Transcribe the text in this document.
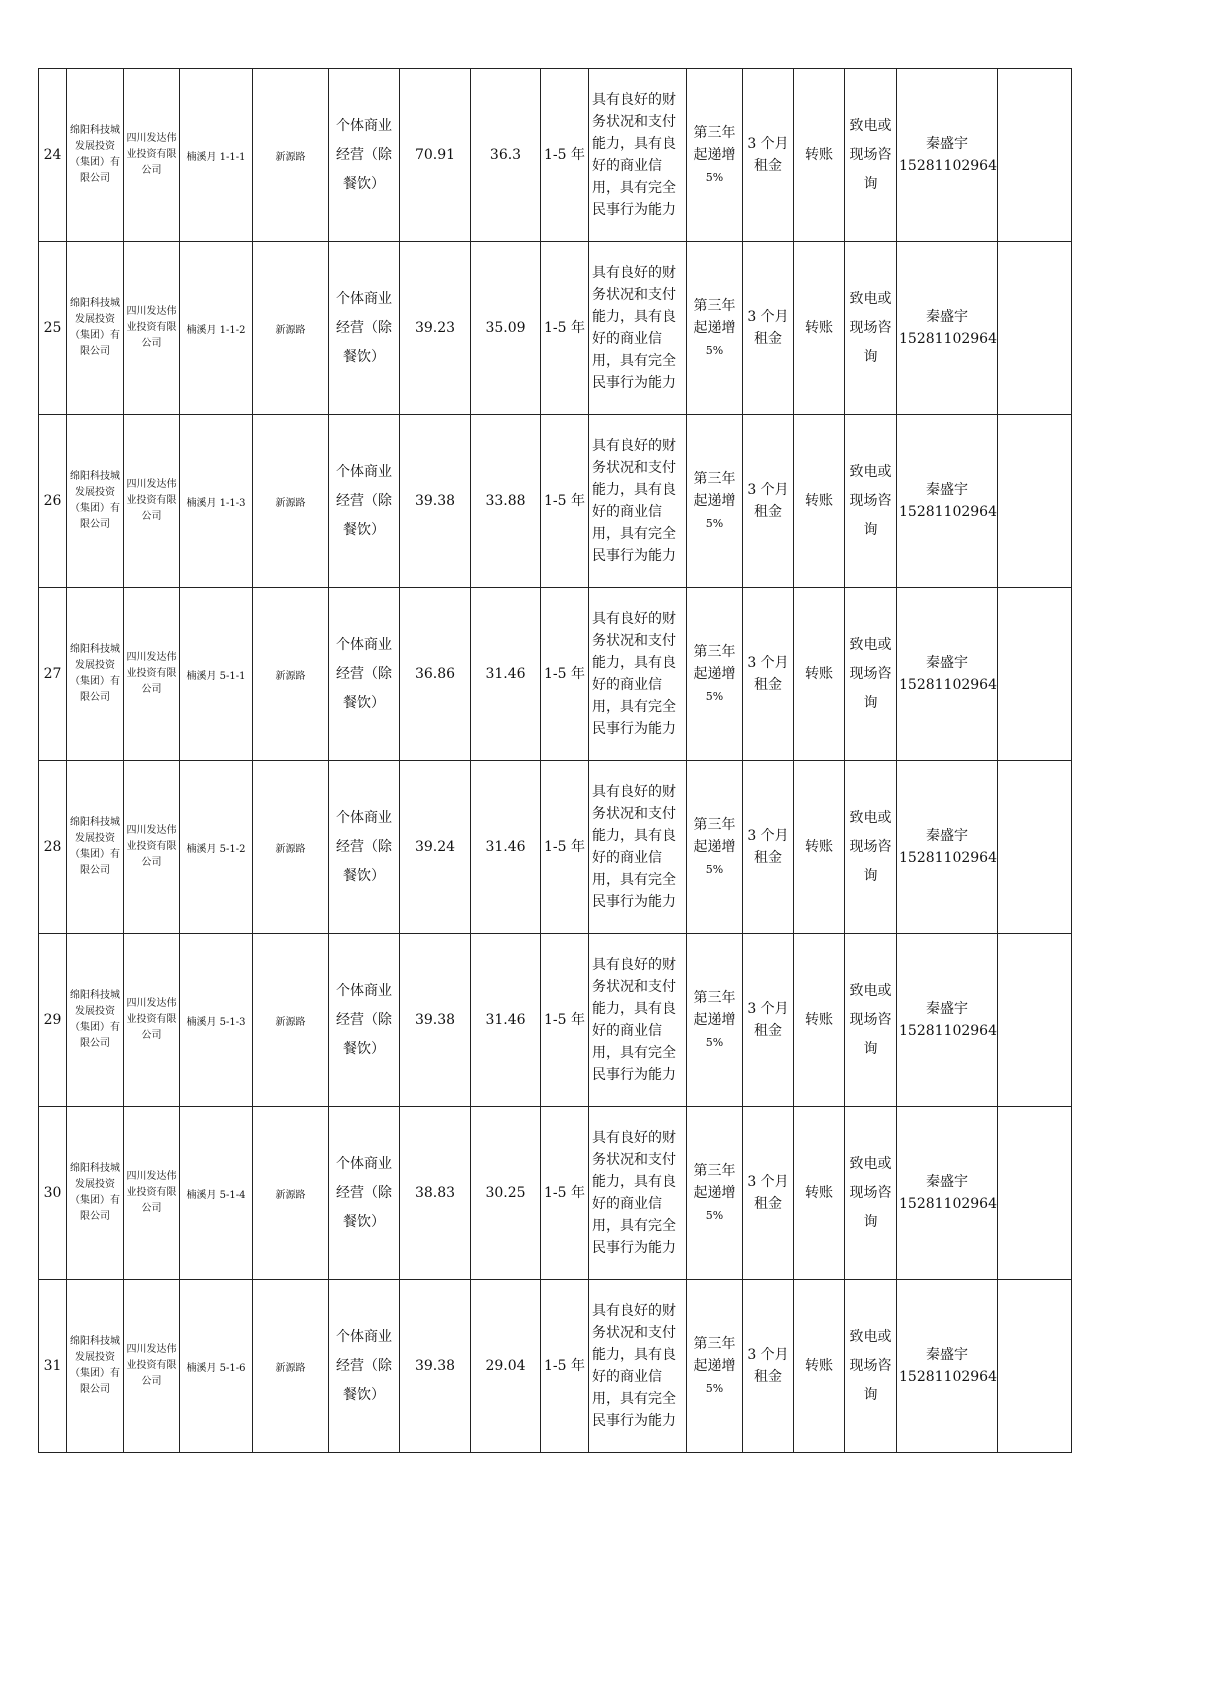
24	绵阳科技城
发展投资
（集团）有
限公司	四川发达伟
业投资有限
公司	楠溪月 1-1-1	新源路	个体商业
经营（除
餐饮）	70.91	36.3	1-5 年	具有良好的财务状况和支付能力，具有良好的商业信用，具有完全民事行为能力	第三年
起递增
5%	3 个月
租金	转账	致电或
现场咨
询	秦盛宇
15281102964	
25	绵阳科技城
发展投资
（集团）有
限公司	四川发达伟
业投资有限
公司	楠溪月 1-1-2	新源路	个体商业
经营（除
餐饮）	39.23	35.09	1-5 年	具有良好的财务状况和支付能力，具有良好的商业信用，具有完全民事行为能力	第三年
起递增
5%	3 个月
租金	转账	致电或
现场咨
询	秦盛宇
15281102964	
26	绵阳科技城
发展投资
（集团）有
限公司	四川发达伟
业投资有限
公司	楠溪月 1-1-3	新源路	个体商业
经营（除
餐饮）	39.38	33.88	1-5 年	具有良好的财务状况和支付能力，具有良好的商业信用，具有完全民事行为能力	第三年
起递增
5%	3 个月
租金	转账	致电或
现场咨
询	秦盛宇
15281102964	
27	绵阳科技城
发展投资
（集团）有
限公司	四川发达伟
业投资有限
公司	楠溪月 5-1-1	新源路	个体商业
经营（除
餐饮）	36.86	31.46	1-5 年	具有良好的财务状况和支付能力，具有良好的商业信用，具有完全民事行为能力	第三年
起递增
5%	3 个月
租金	转账	致电或
现场咨
询	秦盛宇
15281102964	
28	绵阳科技城
发展投资
（集团）有
限公司	四川发达伟
业投资有限
公司	楠溪月 5-1-2	新源路	个体商业
经营（除
餐饮）	39.24	31.46	1-5 年	具有良好的财务状况和支付能力，具有良好的商业信用，具有完全民事行为能力	第三年
起递增
5%	3 个月
租金	转账	致电或
现场咨
询	秦盛宇
15281102964	
29	绵阳科技城
发展投资
（集团）有
限公司	四川发达伟
业投资有限
公司	楠溪月 5-1-3	新源路	个体商业
经营（除
餐饮）	39.38	31.46	1-5 年	具有良好的财务状况和支付能力，具有良好的商业信用，具有完全民事行为能力	第三年
起递增
5%	3 个月
租金	转账	致电或
现场咨
询	秦盛宇
15281102964	
30	绵阳科技城
发展投资
（集团）有
限公司	四川发达伟
业投资有限
公司	楠溪月 5-1-4	新源路	个体商业
经营（除
餐饮）	38.83	30.25	1-5 年	具有良好的财务状况和支付能力，具有良好的商业信用，具有完全民事行为能力	第三年
起递增
5%	3 个月
租金	转账	致电或
现场咨
询	秦盛宇
15281102964	
31	绵阳科技城
发展投资
（集团）有
限公司	四川发达伟
业投资有限
公司	楠溪月 5-1-6	新源路	个体商业
经营（除
餐饮）	39.38	29.04	1-5 年	具有良好的财务状况和支付能力，具有良好的商业信用，具有完全民事行为能力	第三年
起递增
5%	3 个月
租金	转账	致电或
现场咨
询	秦盛宇
15281102964	
